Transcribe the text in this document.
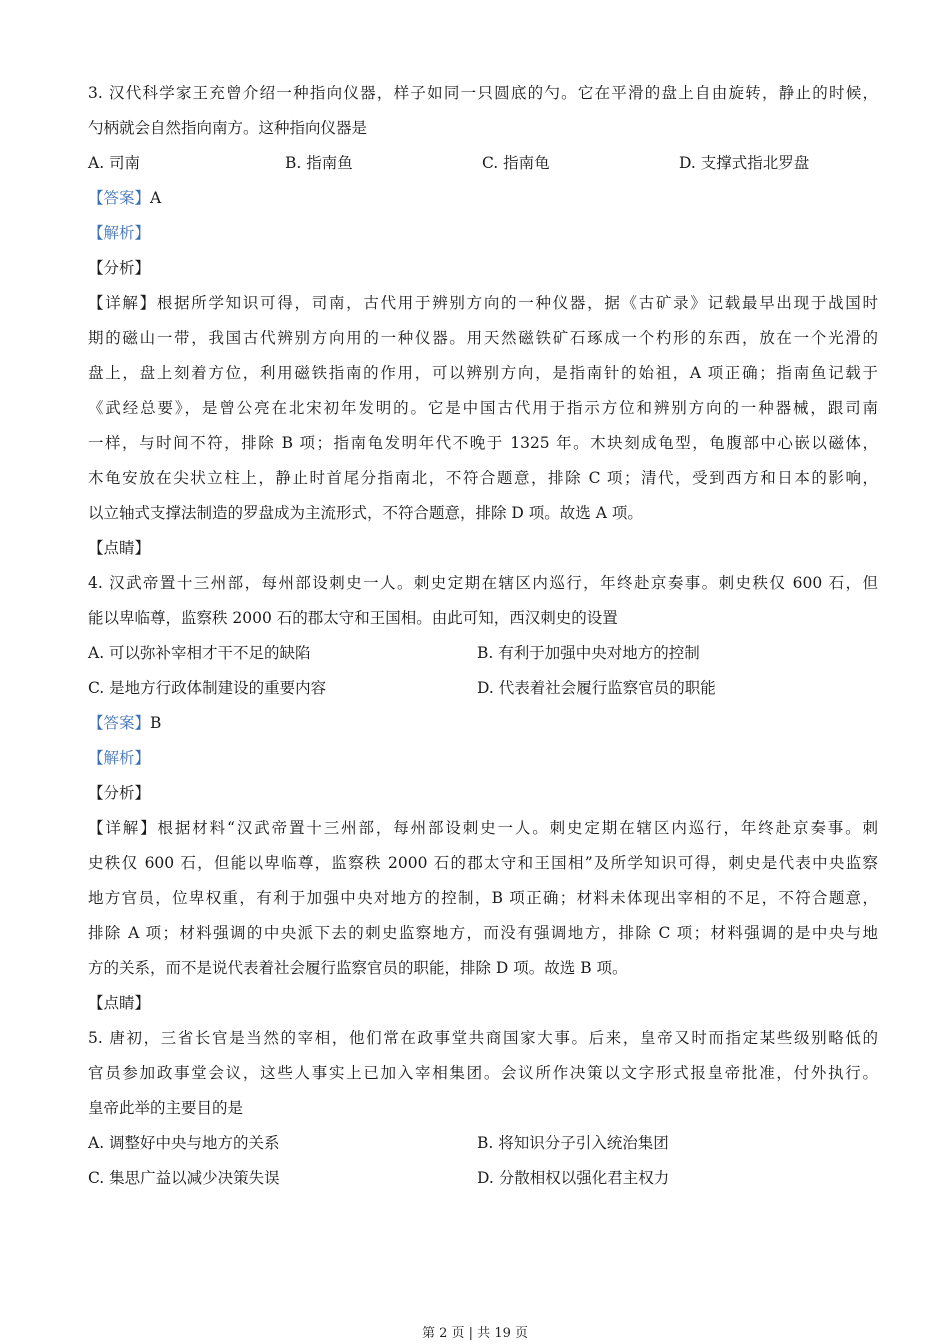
3. 汉代科学家王充曾介绍一种指向仪器，样子如同一只圆底的勺。它在平滑的盘上自由旋转，静止的时候，
勺柄就会自然指向南方。这种指向仪器是
A. 司南	B. 指南鱼	C. 指南龟	D. 支撑式指北罗盘
【答案】A
【解析】
【分析】
【详解】根据所学知识可得，司南，古代用于辨别方向的一种仪器，据《古矿录》记载最早出现于战国时
期的磁山一带，我国古代辨别方向用的一种仪器。用天然磁铁矿石琢成一个杓形的东西，放在一个光滑的
盘上，盘上刻着方位，利用磁铁指南的作用，可以辨别方向，是指南针的始祖，A 项正确；指南鱼记载于
《武经总要》，是曾公亮在北宋初年发明的。它是中国古代用于指示方位和辨别方向的一种器械，跟司南
一样，与时间不符，排除 B 项；指南龟发明年代不晚于 1325 年。木块刻成龟型，龟腹部中心嵌以磁体，
木龟安放在尖状立柱上，静止时首尾分指南北，不符合题意，排除 C 项；清代，受到西方和日本的影响，
以立轴式支撑法制造的罗盘成为主流形式，不符合题意，排除 D 项。故选 A 项。
【点睛】
4. 汉武帝置十三州部，每州部设刺史一人。刺史定期在辖区内巡行，年终赴京奏事。刺史秩仅 600 石，但
能以卑临尊，监察秩 2000 石的郡太守和王国相。由此可知，西汉刺史的设置
A. 可以弥补宰相才干不足的缺陷	B. 有利于加强中央对地方的控制
C. 是地方行政体制建设的重要内容	D. 代表着社会履行监察官员的职能
【答案】B
【解析】
【分析】
【详解】根据材料“汉武帝置十三州部，每州部设刺史一人。刺史定期在辖区内巡行，年终赴京奏事。刺
史秩仅 600 石，但能以卑临尊，监察秩 2000 石的郡太守和王国相”及所学知识可得，刺史是代表中央监察
地方官员，位卑权重，有利于加强中央对地方的控制，B 项正确；材料未体现出宰相的不足，不符合题意，
排除 A 项；材料强调的中央派下去的刺史监察地方，而没有强调地方，排除 C 项；材料强调的是中央与地
方的关系，而不是说代表着社会履行监察官员的职能，排除 D 项。故选 B 项。
【点睛】
5. 唐初，三省长官是当然的宰相，他们常在政事堂共商国家大事。后来，皇帝又时而指定某些级别略低的
官员参加政事堂会议，这些人事实上已加入宰相集团。会议所作决策以文字形式报皇帝批准，付外执行。
皇帝此举的主要目的是
A. 调整好中央与地方的关系	B. 将知识分子引入统治集团
C. 集思广益以减少决策失误	D. 分散相权以强化君主权力
第 2 页 | 共 19 页
